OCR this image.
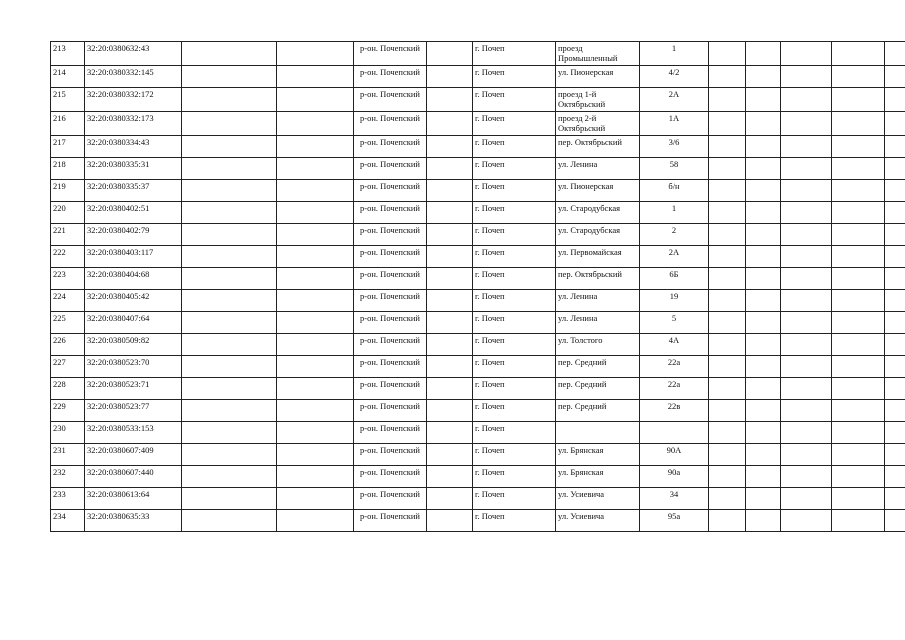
213	32:20:0380632:43			р-он. Почепский		г. Почеп	проезд Промышленный	1					
214	32:20:0380332:145			р-он. Почепский		г. Почеп	ул. Пионерская	4/2					
215	32:20:0380332:172			р-он. Почепский		г. Почеп	проезд 1-й Октябрьский	2А					
216	32:20:0380332:173			р-он. Почепский		г. Почеп	проезд 2-й Октябрьский	1А					
217	32:20:0380334:43			р-он. Почепский		г. Почеп	пер. Октябрьский	3/6					
218	32:20:0380335:31			р-он. Почепский		г. Почеп	ул. Ленина	58					
219	32:20:0380335:37			р-он. Почепский		г. Почеп	ул. Пионерская	б/н					
220	32:20:0380402:51			р-он. Почепский		г. Почеп	ул. Стародубская	1					
221	32:20:0380402:79			р-он. Почепский		г. Почеп	ул. Стародубская	2					
222	32:20:0380403:117			р-он. Почепский		г. Почеп	ул. Первомайская	2А					
223	32:20:0380404:68			р-он. Почепский		г. Почеп	пер. Октябрьский	6Б					
224	32:20:0380405:42			р-он. Почепский		г. Почеп	ул. Ленина	19					
225	32:20:0380407:64			р-он. Почепский		г. Почеп	ул. Ленина	5					
226	32:20:0380509:82			р-он. Почепский		г. Почеп	ул. Толстого	4А					
227	32:20:0380523:70			р-он. Почепский		г. Почеп	пер. Средний	22а					
228	32:20:0380523:71			р-он. Почепский		г. Почеп	пер. Средний	22а					
229	32:20:0380523:77			р-он. Почепский		г. Почеп	пер. Средний	22в					
230	32:20:0380533:153			р-он. Почепский		г. Почеп							
231	32:20:0380607:409			р-он. Почепский		г. Почеп	ул. Брянская	90А					
232	32:20:0380607:440			р-он. Почепский		г. Почеп	ул. Брянская	90а					
233	32:20:0380613:64			р-он. Почепский		г. Почеп	ул. Усиевича	34					
234	32:20:0380635:33			р-он. Почепский		г. Почеп	ул. Усиевича	95а					
